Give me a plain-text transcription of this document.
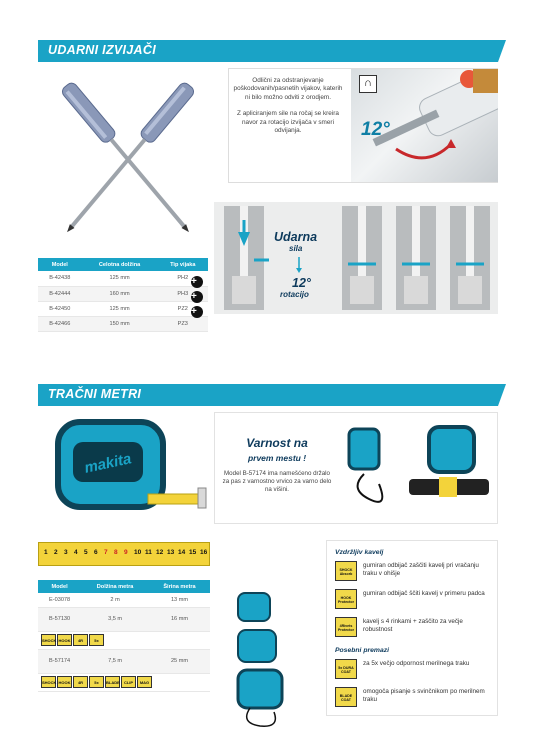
UDARNI IZVIJAČI

Odlični za odstranjevanje poškodovanih/pasnetih vijakov, katerih ni bilo možno odviti z orodjem.

Z apliciranjem sile na ročaj se kreira navor za rotacijo izvijača v smeri odvijanja.

∩
12°
Udarna
sila
12°
rotacijo
Model	Celotna dolžina	Tip vijaka
B-42438	125 mm	PH2
B-42444	160 mm	PH3
B-42450	125 mm	PZ2
B-42466	150 mm	PZ3
+
+
+
TRAČNI METRI
makita
Varnost na
prvem mestu !
Model B-57174 ima namešćeno držalo za pas z varnostno vrvico za varno delo na višini.
1 2 3 4 5 6 7 8 9 10 11 12 13 14 15 16
Model	Dolžina metra	Širina metra
E-03078	2 m	13 mm
B-57130	3,5 m	16 mm
SHOCK HOOK 4R 5x		
B-57174	7,5 m	25 mm
SHOCK HOOK 4R 5x BLADE CLIP MAG		
Vzdržljiv kavelj
SHOCK Absorb
gumiran odbijač zaščiti kavelj pri vračanju traku v ohišje
HOOK Protector
gumiran odbijač ščiti kavelj v primeru padca
4Rivets Protector
kavelj s 4 rinkami + zaščito za večje robustnost
Posebni premazi
5x DURA COAT
za 5x večjo odpornost merilnega traku
BLADE COAT
omogoča pisanje s svinčnikom po merilnem traku
